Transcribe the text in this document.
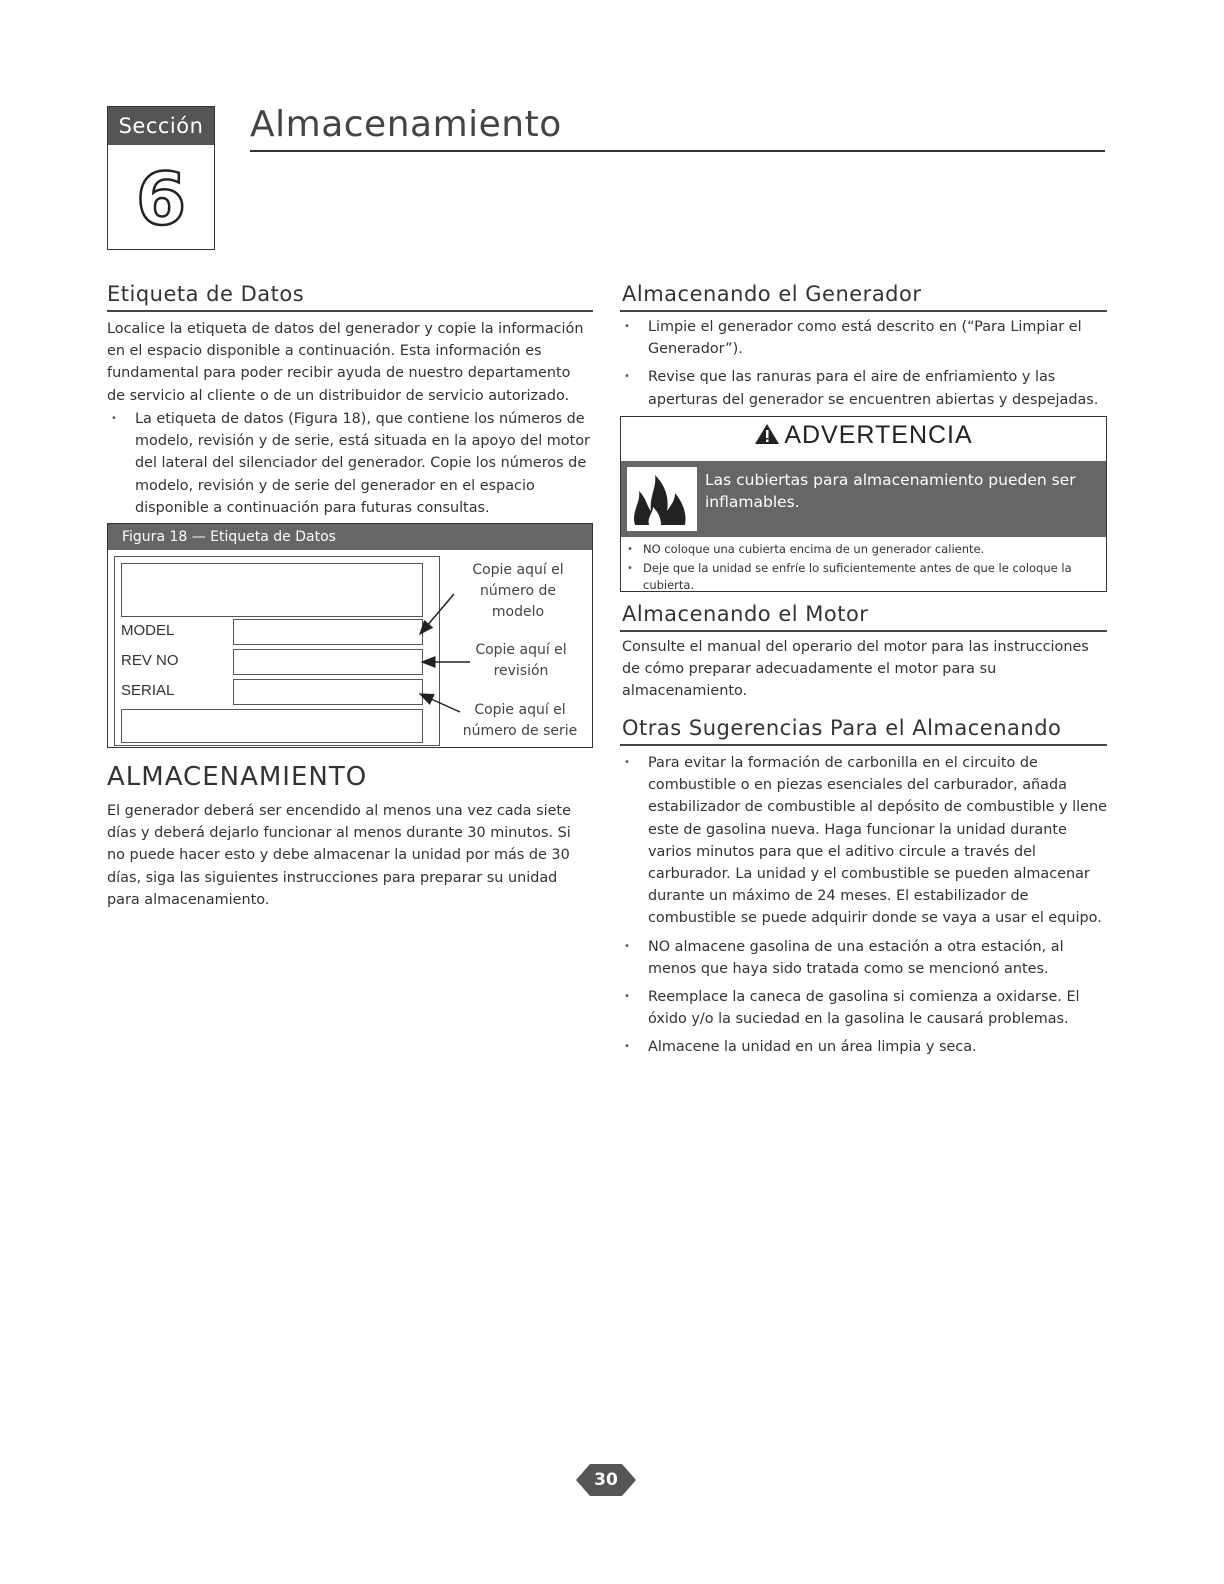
Sección
6
Almacenamiento
Etiqueta de Datos
Localice la etiqueta de datos del generador y copie la información en el espacio disponible a continuación. Esta información es fundamental para poder recibir ayuda de nuestro departamento de servicio al cliente o de un distribuidor de servicio autorizado.
• La etiqueta de datos (Figura 18), que contiene los números de modelo, revisión y de serie, está situada en la apoyo del motor del lateral del silenciador del generador. Copie los números de modelo, revisión y de serie del generador en el espacio disponible a continuación para futuras consultas.
Figura 18 — Etiqueta de Datos
MODEL
REV NO
SERIAL
Copie aquí el número de modelo
Copie aquí el revisión
Copie aquí el número de serie
ALMACENAMIENTO
El generador deberá ser encendido al menos una vez cada siete días y deberá dejarlo funcionar al menos durante 30 minutos. Si no puede hacer esto y debe almacenar la unidad por más de 30 días, siga las siguientes instrucciones para preparar su unidad para almacenamiento.
Almacenando el Generador
• Limpie el generador como está descrito en (“Para Limpiar el Generador”).
• Revise que las ranuras para el aire de enfriamiento y las aperturas del generador se encuentren abiertas y despejadas.
ADVERTENCIA
Las cubiertas para almacenamiento pueden ser inflamables.
• NO coloque una cubierta encima de un generador caliente.
• Deje que la unidad se enfríe lo suficientemente antes de que le coloque la cubierta.
Almacenando el Motor
Consulte el manual del operario del motor para las instrucciones de cómo preparar adecuadamente el motor para su almacenamiento.
Otras Sugerencias Para el Almacenando
• Para evitar la formación de carbonilla en el circuito de combustible o en piezas esenciales del carburador, añada estabilizador de combustible al depósito de combustible y llene este de gasolina nueva. Haga funcionar la unidad durante varios minutos para que el aditivo circule a través del carburador. La unidad y el combustible se pueden almacenar durante un máximo de 24 meses. El estabilizador de combustible se puede adquirir donde se vaya a usar el equipo.
• NO almacene gasolina de una estación a otra estación, al menos que haya sido tratada como se mencionó antes.
• Reemplace la caneca de gasolina si comienza a oxidarse. El óxido y/o la suciedad en la gasolina le causará problemas.
• Almacene la unidad en un área limpia y seca.
30
